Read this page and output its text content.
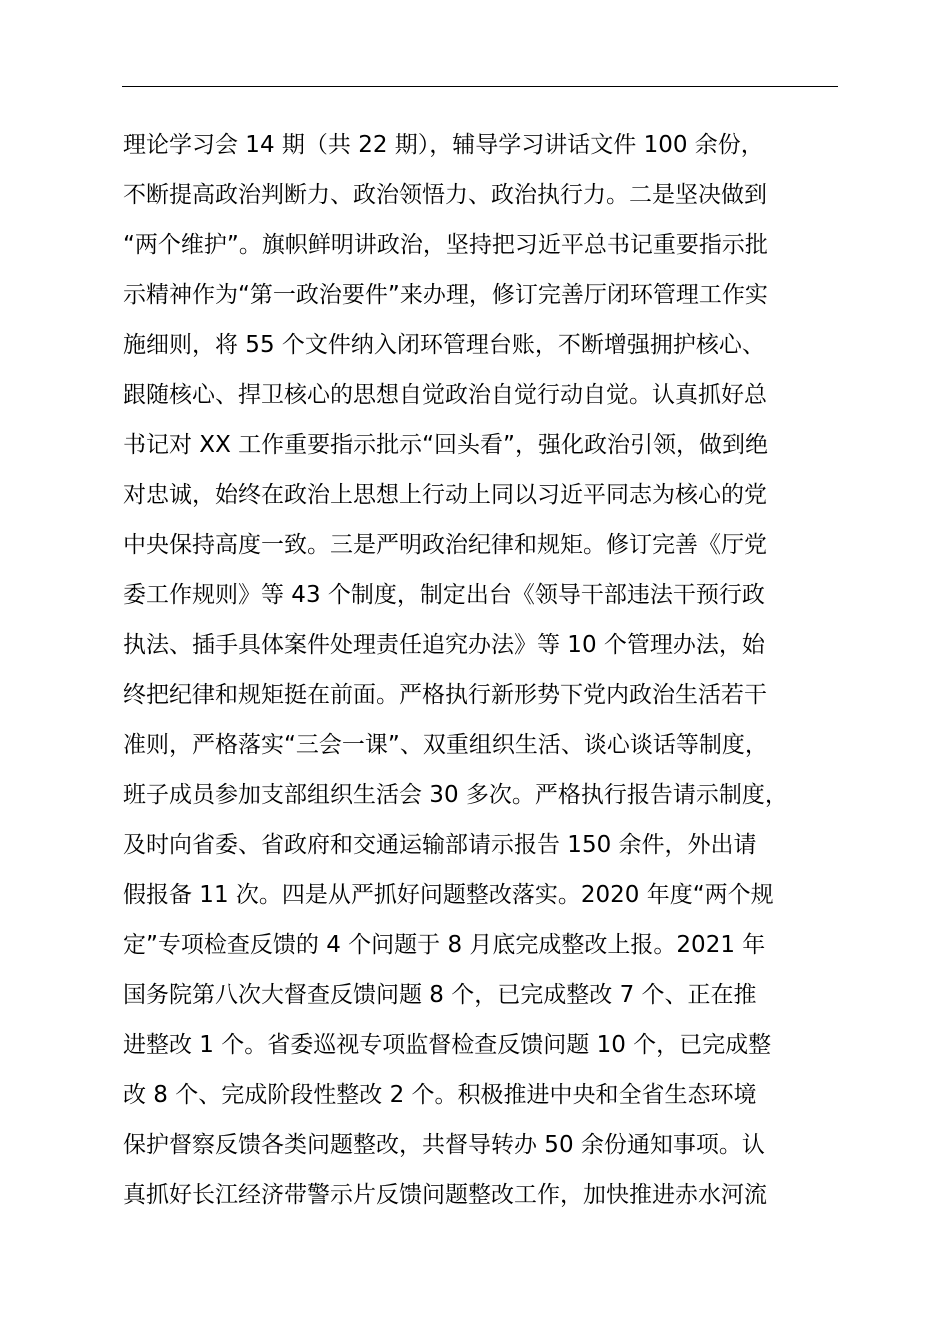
理论学习会 14 期（共 22 期），辅导学习讲话文件 100 余份，
不断提高政治判断力、政治领悟力、政治执行力。二是坚决做到
“两个维护”。旗帜鲜明讲政治，坚持把习近平总书记重要指示批
示精神作为“第一政治要件”来办理，修订完善厅闭环管理工作实
施细则，将 55 个文件纳入闭环管理台账，不断增强拥护核心、
跟随核心、捍卫核心的思想自觉政治自觉行动自觉。认真抓好总
书记对 XX 工作重要指示批示“回头看”，强化政治引领，做到绝
对忠诚，始终在政治上思想上行动上同以习近平同志为核心的党
中央保持高度一致。三是严明政治纪律和规矩。修订完善《厅党
委工作规则》等 43 个制度，制定出台《领导干部违法干预行政
执法、插手具体案件处理责任追究办法》等 10 个管理办法，始
终把纪律和规矩挺在前面。严格执行新形势下党内政治生活若干
准则，严格落实“三会一课”、双重组织生活、谈心谈话等制度，
班子成员参加支部组织生活会 30 多次。严格执行报告请示制度，
及时向省委、省政府和交通运输部请示报告 150 余件，外出请
假报备 11 次。四是从严抓好问题整改落实。2020 年度“两个规
定”专项检查反馈的 4 个问题于 8 月底完成整改上报。2021 年
国务院第八次大督查反馈问题 8 个，已完成整改 7 个、正在推
进整改 1 个。省委巡视专项监督检查反馈问题 10 个，已完成整
改 8 个、完成阶段性整改 2 个。积极推进中央和全省生态环境
保护督察反馈各类问题整改，共督导转办 50 余份通知事项。认
真抓好长江经济带警示片反馈问题整改工作，加快推进赤水河流
